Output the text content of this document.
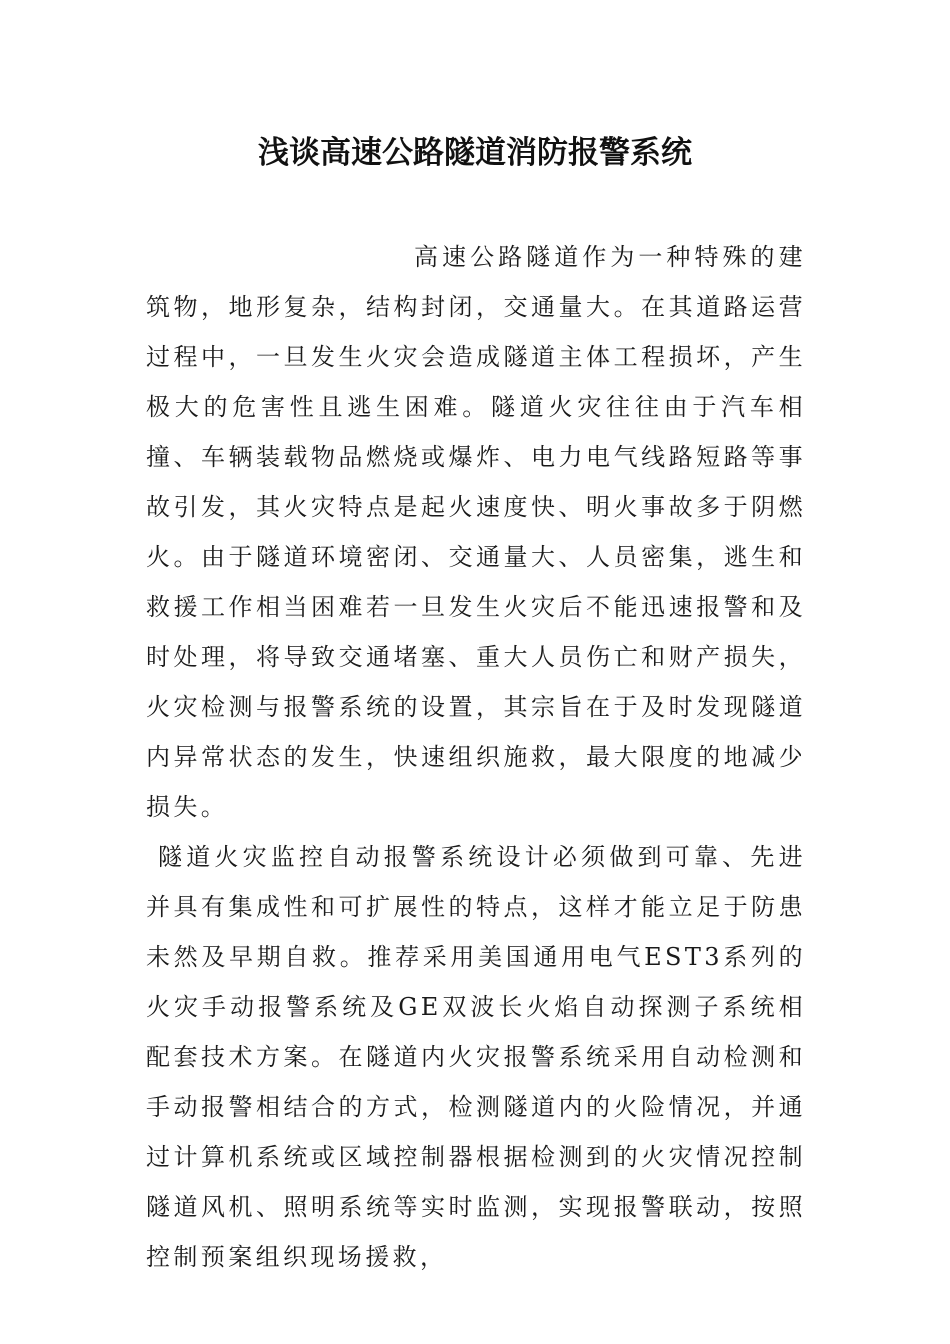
浅谈高速公路隧道消防报警系统

高速公路隧道作为一种特殊的建筑物，地形复杂，结构封闭，交通量大。在其道路运营过程中，一旦发生火灾会造成隧道主体工程损坏，产生极大的危害性且逃生困难。隧道火灾往往由于汽车相撞、车辆装载物品燃烧或爆炸、电力电气线路短路等事故引发，其火灾特点是起火速度快、明火事故多于阴燃火。由于隧道环境密闭、交通量大、人员密集，逃生和救援工作相当困难若一旦发生火灾后不能迅速报警和及时处理，将导致交通堵塞、重大人员伤亡和财产损失，火灾检测与报警系统的设置，其宗旨在于及时发现隧道内异常状态的发生，快速组织施救，最大限度的地减少损失。

隧道火灾监控自动报警系统设计必须做到可靠、先进并具有集成性和可扩展性的特点，这样才能立足于防患未然及早期自救。推荐采用美国通用电气EST3系列的火灾手动报警系统及GE双波长火焰自动探测子系统相配套技术方案。在隧道内火灾报警系统采用自动检测和手动报警相结合的方式，检测隧道内的火险情况，并通过计算机系统或区域控制器根据检测到的火灾情况控制隧道风机、照明系统等实时监测，实现报警联动，按照控制预案组织现场援救，
